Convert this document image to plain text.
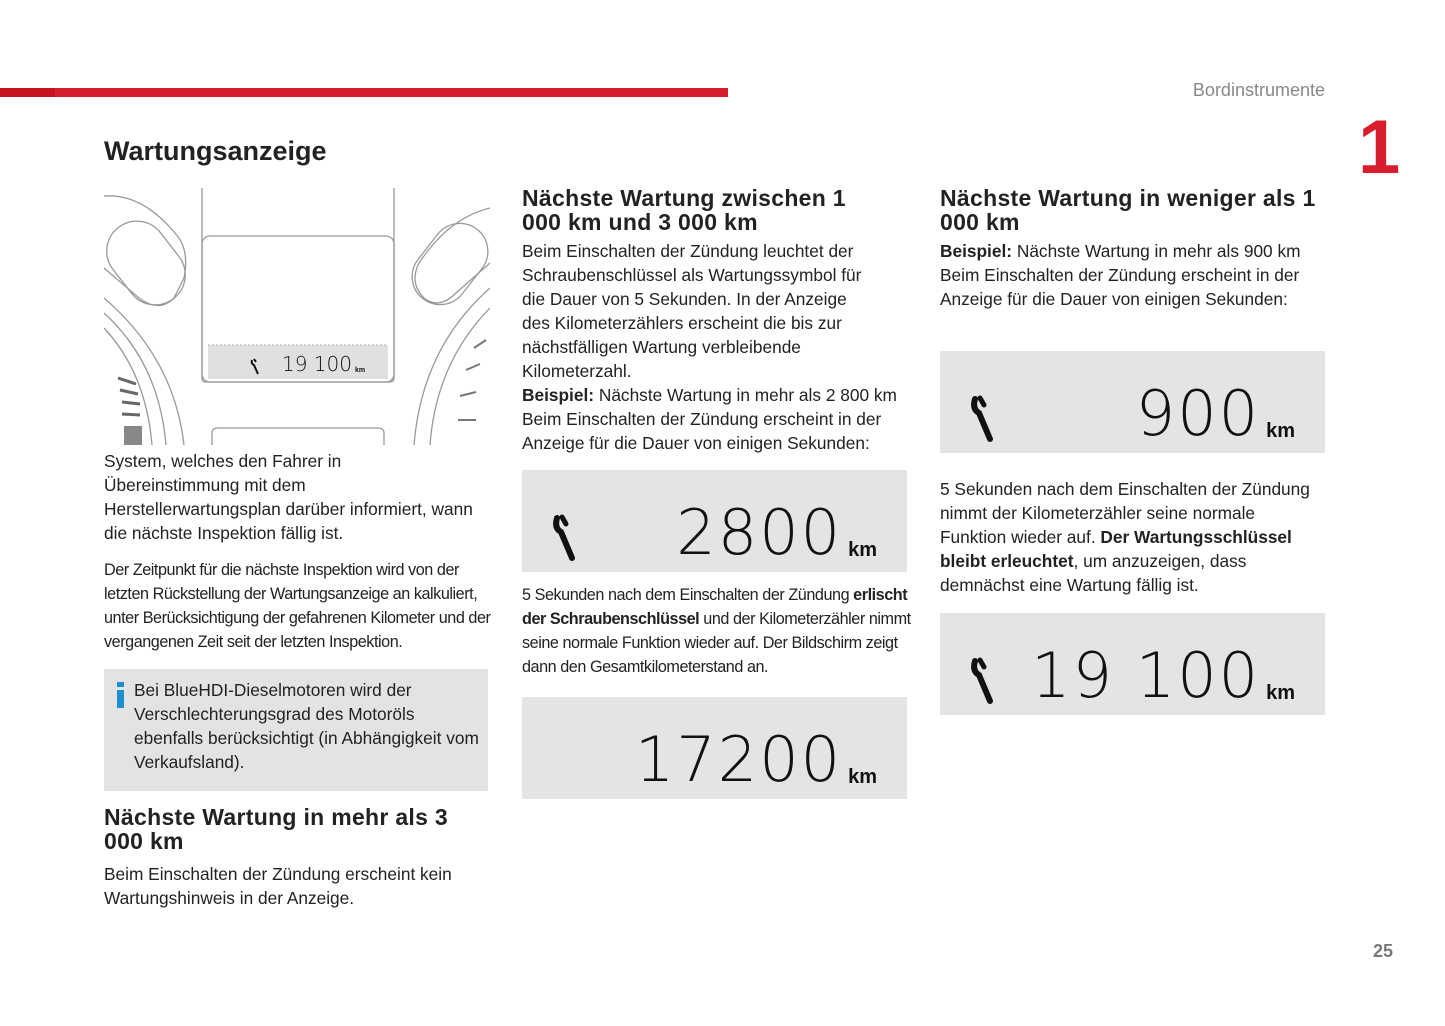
Bordinstrumente
1
25
Wartungsanzeige
19 100 km
System, welches den Fahrer in Übereinstimmung mit dem Herstellerwartungsplan darüber informiert, wann die nächste Inspektion fällig ist.
Der Zeitpunkt für die nächste Inspektion wird von der letzten Rückstellung der Wartungsanzeige an kalkuliert, unter Berücksichtigung der gefahrenen Kilometer und der vergangenen Zeit seit der letzten Inspektion.
Bei BlueHDI-Dieselmotoren wird der Verschlechterungsgrad des Motoröls ebenfalls berücksichtigt (in Abhängigkeit vom Verkaufsland).
Nächste Wartung in mehr als 3 000 km
Beim Einschalten der Zündung erscheint kein Wartungshinweis in der Anzeige.
Nächste Wartung zwischen 1 000 km und 3 000 km
Beim Einschalten der Zündung leuchtet der Schraubenschlüssel als Wartungssymbol für die Dauer von 5 Sekunden. In der Anzeige des Kilometerzählers erscheint die bis zur nächstfälligen Wartung verbleibende Kilometerzahl.
Beispiel: Nächste Wartung in mehr als 2 800 km Beim Einschalten der Zündung erscheint in der Anzeige für die Dauer von einigen Sekunden:
2800 km
5 Sekunden nach dem Einschalten der Zündung erlischt der Schraubenschlüssel und der Kilometerzähler nimmt seine normale Funktion wieder auf. Der Bildschirm zeigt dann den Gesamtkilometerstand an.
17200 km
Nächste Wartung in weniger als 1 000 km
Beispiel: Nächste Wartung in mehr als 900 km Beim Einschalten der Zündung erscheint in der Anzeige für die Dauer von einigen Sekunden:
900 km
5 Sekunden nach dem Einschalten der Zündung nimmt der Kilometerzähler seine normale Funktion wieder auf. Der Wartungsschlüssel bleibt erleuchtet, um anzuzeigen, dass demnächst eine Wartung fällig ist.
19 100 km
